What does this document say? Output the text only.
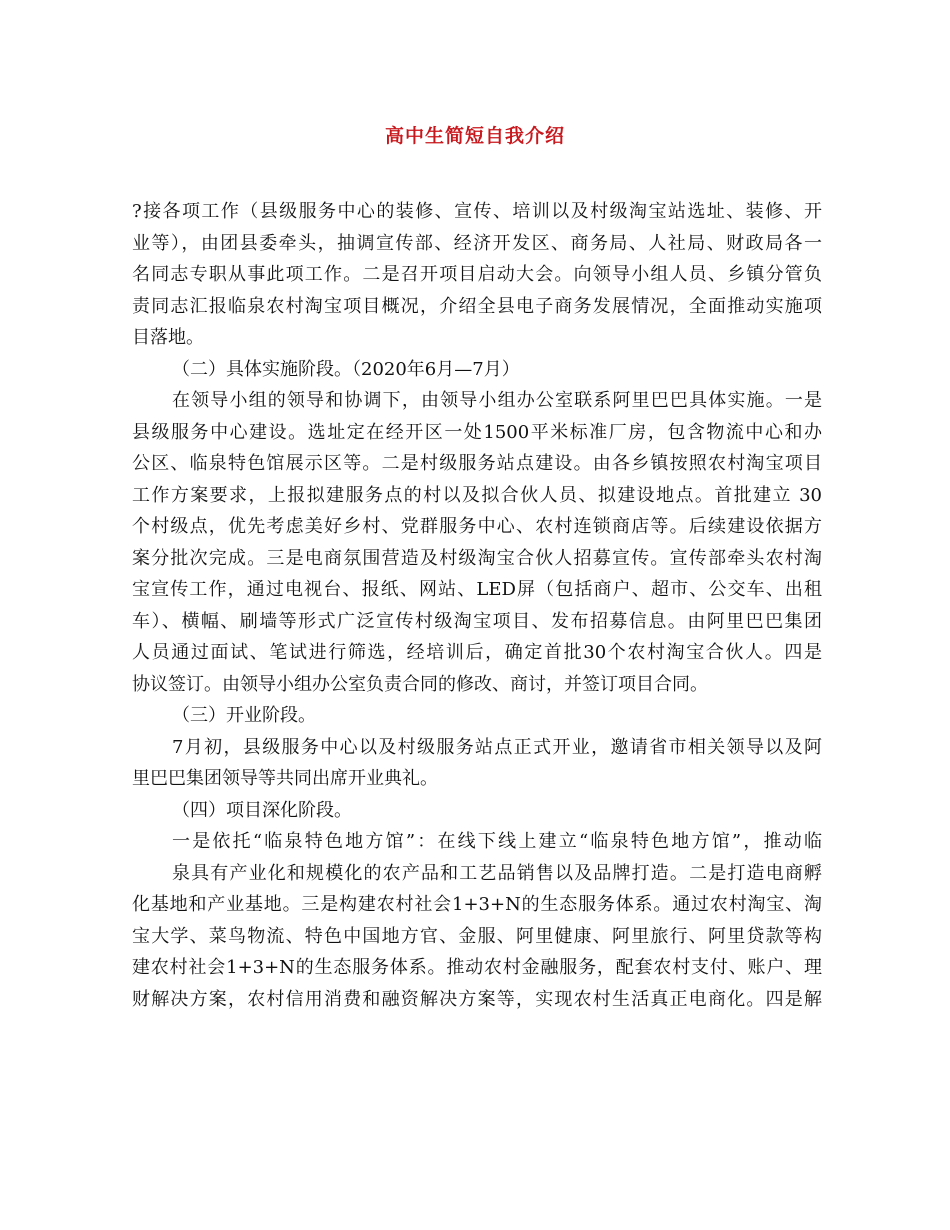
高中生简短自我介绍
?接各项工作（县级服务中心的装修、宣传、培训以及村级淘宝站选址、装修、开
业等），由团县委牵头，抽调宣传部、经济开发区、商务局、人社局、财政局各一
名同志专职从事此项工作。二是召开项目启动大会。向领导小组人员、乡镇分管负
责同志汇报临泉农村淘宝项目概况，介绍全县电子商务发展情况，全面推动实施项
目落地。
（二）具体实施阶段。（2020年6月—7月）
在领导小组的领导和协调下，由领导小组办公室联系阿里巴巴具体实施。一是
县级服务中心建设。选址定在经开区一处1500平米标准厂房，包含物流中心和办
公区、临泉特色馆展示区等。二是村级服务站点建设。由各乡镇按照农村淘宝项目
工作方案要求，上报拟建服务点的村以及拟合伙人员、拟建设地点。首批建立 30
个村级点，优先考虑美好乡村、党群服务中心、农村连锁商店等。后续建设依据方
案分批次完成。三是电商氛围营造及村级淘宝合伙人招募宣传。宣传部牵头农村淘
宝宣传工作，通过电视台、报纸、网站、LED屏（包括商户、超市、公交车、出租
车）、横幅、刷墙等形式广泛宣传村级淘宝项目、发布招募信息。由阿里巴巴集团
人员通过面试、笔试进行筛选，经培训后，确定首批30个农村淘宝合伙人。四是
协议签订。由领导小组办公室负责合同的修改、商讨，并签订项目合同。
（三）开业阶段。
7月初，县级服务中心以及村级服务站点正式开业，邀请省市相关领导以及阿
里巴巴集团领导等共同出席开业典礼。
（四）项目深化阶段。
一是依托“临泉特色地方馆”：在线下线上建立“临泉特色地方馆”，推动临
泉具有产业化和规模化的农产品和工艺品销售以及品牌打造。二是打造电商孵
化基地和产业基地。三是构建农村社会1+3+N的生态服务体系。通过农村淘宝、淘
宝大学、菜鸟物流、特色中国地方官、金服、阿里健康、阿里旅行、阿里贷款等构
建农村社会1+3+N的生态服务体系。推动农村金融服务，配套农村支付、账户、理
财解决方案，农村信用消费和融资解决方案等，实现农村生活真正电商化。四是解
